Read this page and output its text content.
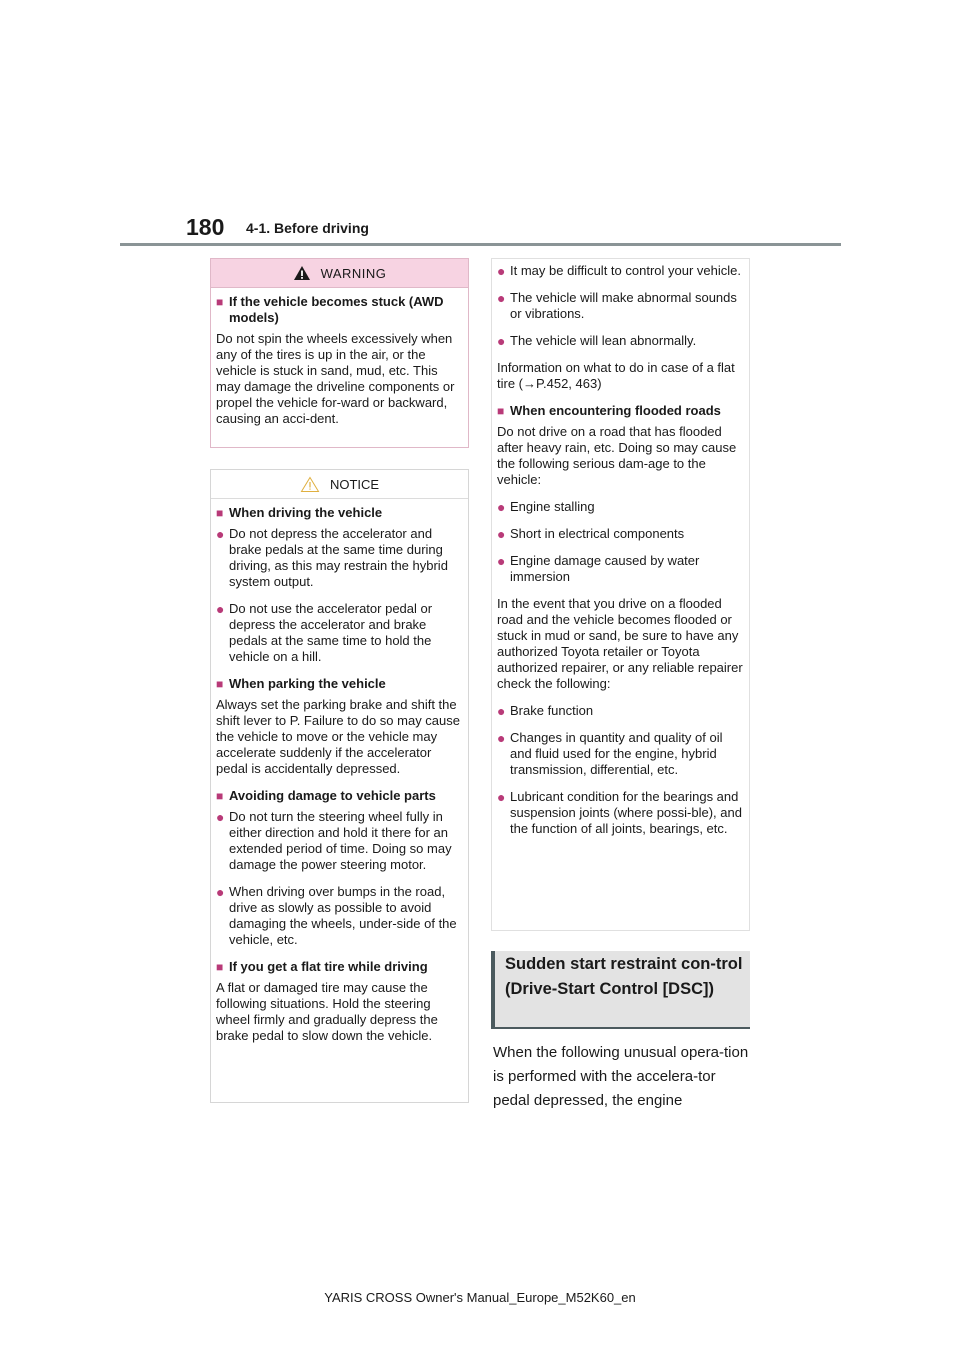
180 4-1. Before driving
WARNING
■ If the vehicle becomes stuck (AWD models)
Do not spin the wheels excessively when any of the tires is up in the air, or the vehicle is stuck in sand, mud, etc. This may damage the driveline components or propel the vehicle for-ward or backward, causing an acci-dent.
NOTICE
■ When driving the vehicle
● Do not depress the accelerator and brake pedals at the same time during driving, as this may restrain the hybrid system output.
● Do not use the accelerator pedal or depress the accelerator and brake pedals at the same time to hold the vehicle on a hill.
■ When parking the vehicle
Always set the parking brake and shift the shift lever to P. Failure to do so may cause the vehicle to move or the vehicle may accelerate suddenly if the accelerator pedal is accidentally depressed.
■ Avoiding damage to vehicle parts
● Do not turn the steering wheel fully in either direction and hold it there for an extended period of time. Doing so may damage the power steering motor.
● When driving over bumps in the road, drive as slowly as possible to avoid damaging the wheels, under-side of the vehicle, etc.
■ If you get a flat tire while driving
A flat or damaged tire may cause the following situations. Hold the steering wheel firmly and gradually depress the brake pedal to slow down the vehicle.
● It may be difficult to control your vehicle.
● The vehicle will make abnormal sounds or vibrations.
● The vehicle will lean abnormally.
Information on what to do in case of a flat tire (→P.452, 463)
■ When encountering flooded roads
Do not drive on a road that has flooded after heavy rain, etc. Doing so may cause the following serious dam-age to the vehicle:
● Engine stalling
● Short in electrical components
● Engine damage caused by water immersion
In the event that you drive on a flooded road and the vehicle becomes flooded or stuck in mud or sand, be sure to have any authorized Toyota retailer or Toyota authorized repairer, or any reliable repairer check the following:
● Brake function
● Changes in quantity and quality of oil and fluid used for the engine, hybrid transmission, differential, etc.
● Lubricant condition for the bearings and suspension joints (where possi-ble), and the function of all joints, bearings, etc.
Sudden start restraint con-trol (Drive-Start Control [DSC])
When the following unusual opera-tion is performed with the accelera-tor pedal depressed, the engine
YARIS CROSS Owner's Manual_Europe_M52K60_en
